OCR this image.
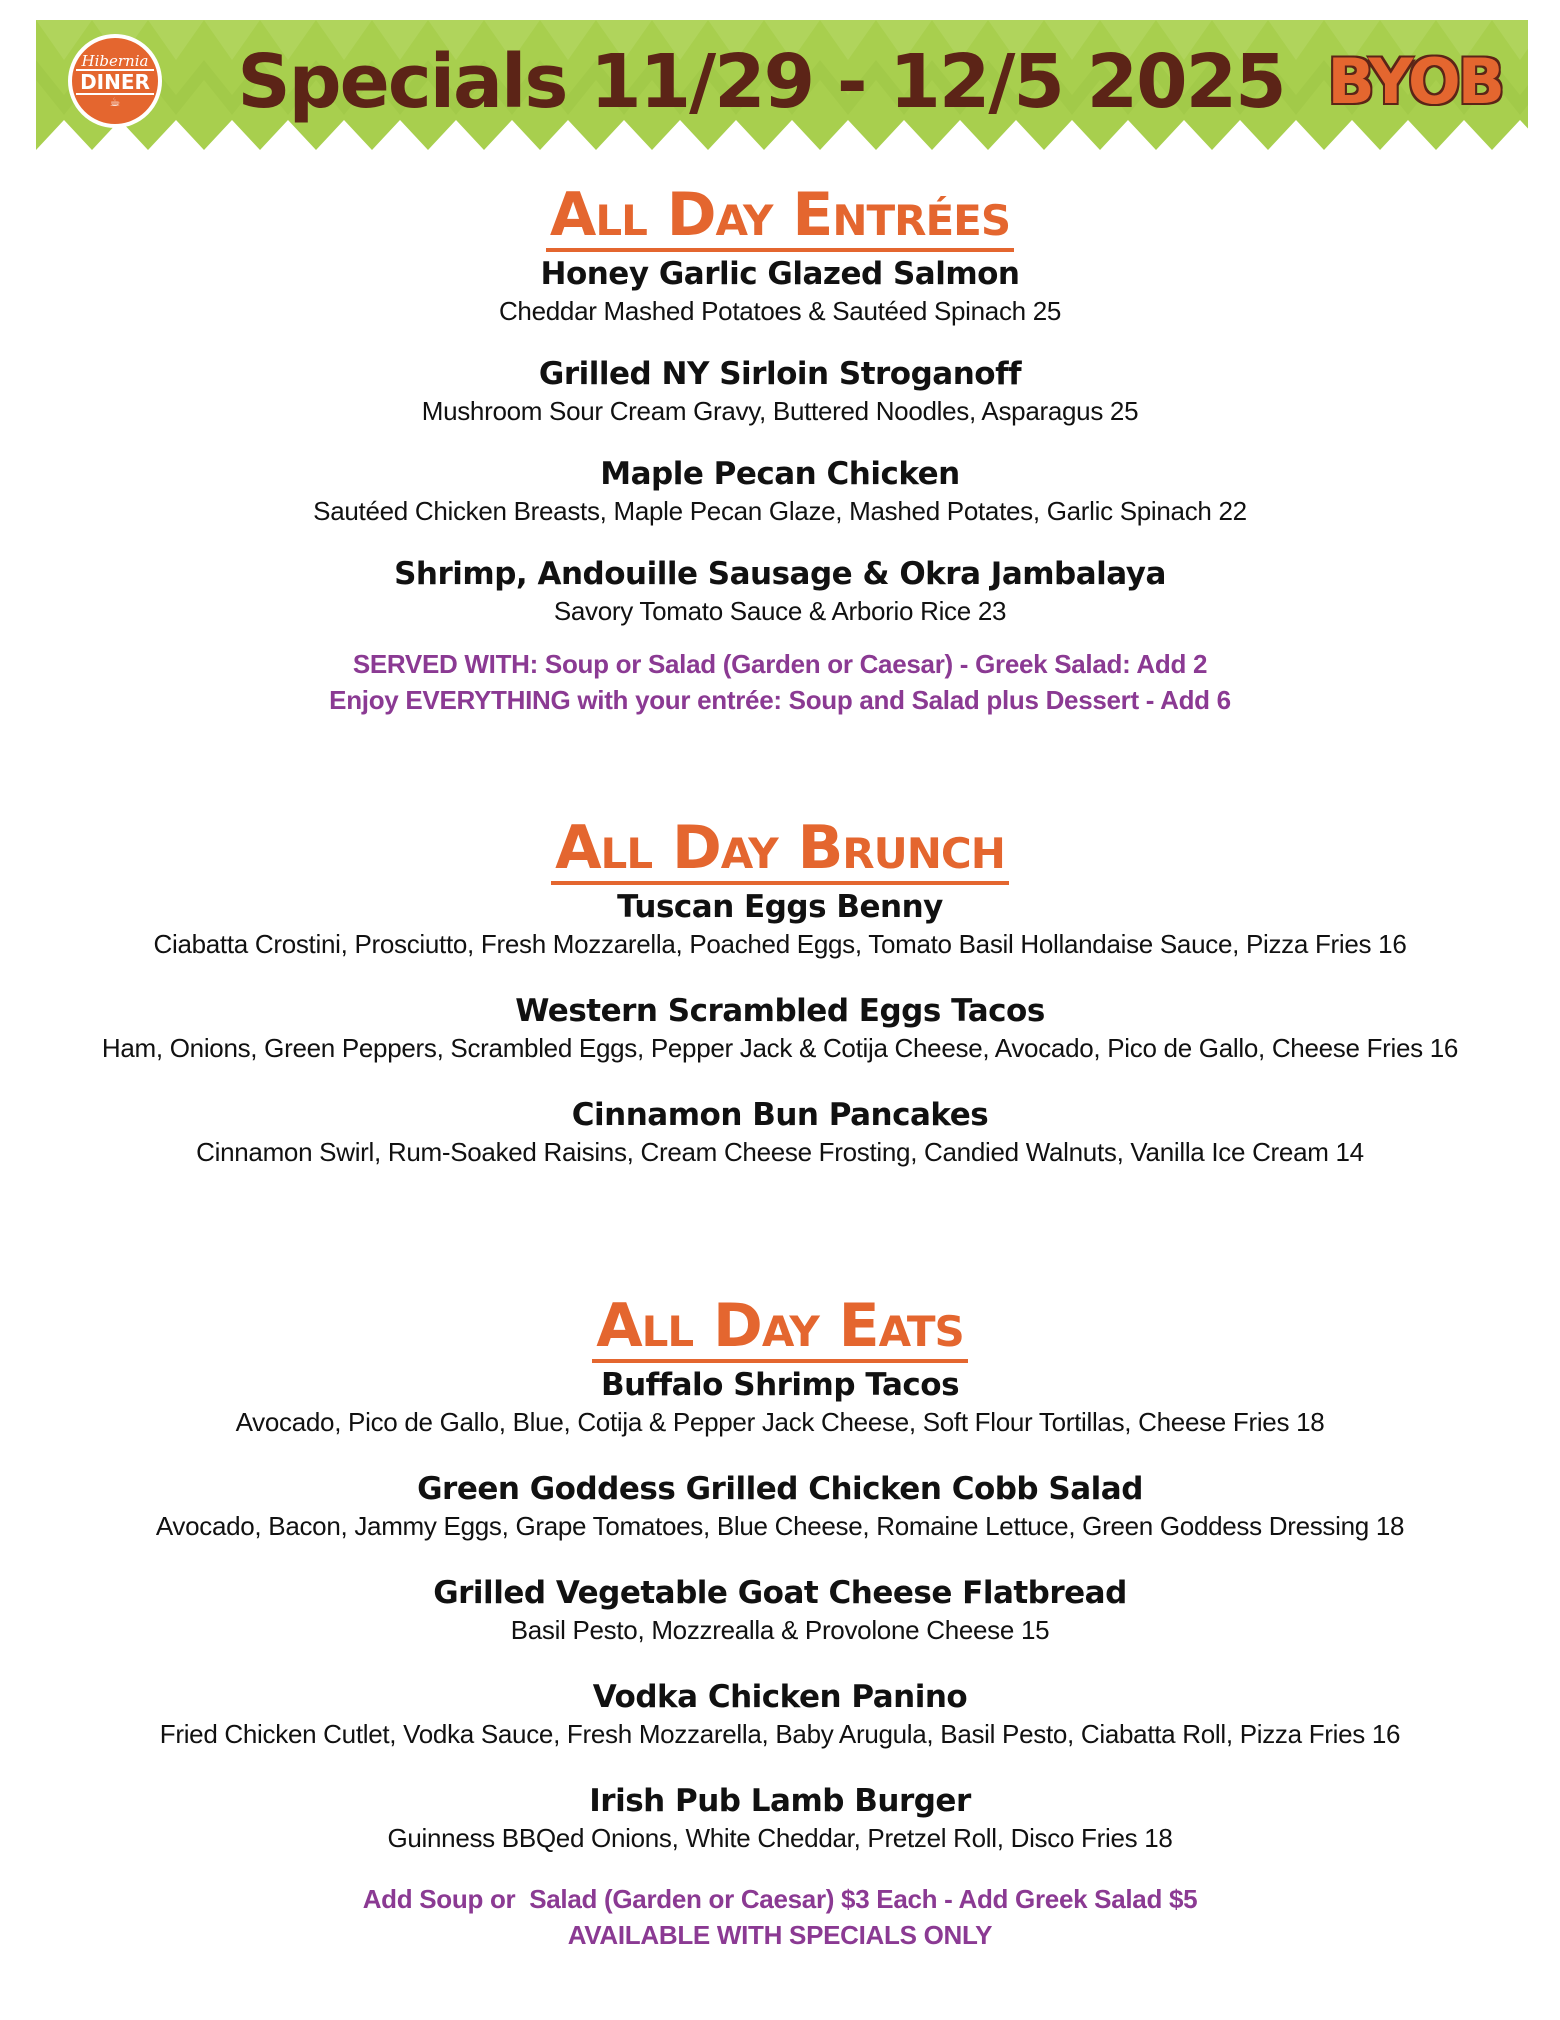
Hibernia
DINER
☕	Specials 11/29 - 12/5 2025 BYOB
All Day Entrées
Honey Garlic Glazed Salmon
Cheddar Mashed Potatoes & Sautéed Spinach 25
Grilled NY Sirloin Stroganoff
Mushroom Sour Cream Gravy, Buttered Noodles, Asparagus 25
Maple Pecan Chicken
Sautéed Chicken Breasts, Maple Pecan Glaze, Mashed Potates, Garlic Spinach 22
Shrimp, Andouille Sausage & Okra Jambalaya
Savory Tomato Sauce & Arborio Rice 23
SERVED WITH: Soup or Salad (Garden or Caesar) - Greek Salad: Add 2
Enjoy EVERYTHING with your entrée: Soup and Salad plus Dessert - Add 6
All Day Brunch
Tuscan Eggs Benny
Ciabatta Crostini, Prosciutto, Fresh Mozzarella, Poached Eggs, Tomato Basil Hollandaise Sauce, Pizza Fries 16
Western Scrambled Eggs Tacos
Ham, Onions, Green Peppers, Scrambled Eggs, Pepper Jack & Cotija Cheese, Avocado, Pico de Gallo, Cheese Fries 16
Cinnamon Bun Pancakes
Cinnamon Swirl, Rum-Soaked Raisins, Cream Cheese Frosting, Candied Walnuts, Vanilla Ice Cream 14
All Day Eats
Buffalo Shrimp Tacos
Avocado, Pico de Gallo, Blue, Cotija & Pepper Jack Cheese, Soft Flour Tortillas, Cheese Fries 18
Green Goddess Grilled Chicken Cobb Salad
Avocado, Bacon, Jammy Eggs, Grape Tomatoes, Blue Cheese, Romaine Lettuce, Green Goddess Dressing 18
Grilled Vegetable Goat Cheese Flatbread
Basil Pesto, Mozzrealla & Provolone Cheese 15
Vodka Chicken Panino
Fried Chicken Cutlet, Vodka Sauce, Fresh Mozzarella, Baby Arugula, Basil Pesto, Ciabatta Roll, Pizza Fries 16
Irish Pub Lamb Burger
Guinness BBQed Onions, White Cheddar, Pretzel Roll, Disco Fries 18
Add Soup or  Salad (Garden or Caesar) $3 Each - Add Greek Salad $5
AVAILABLE WITH SPECIALS ONLY
